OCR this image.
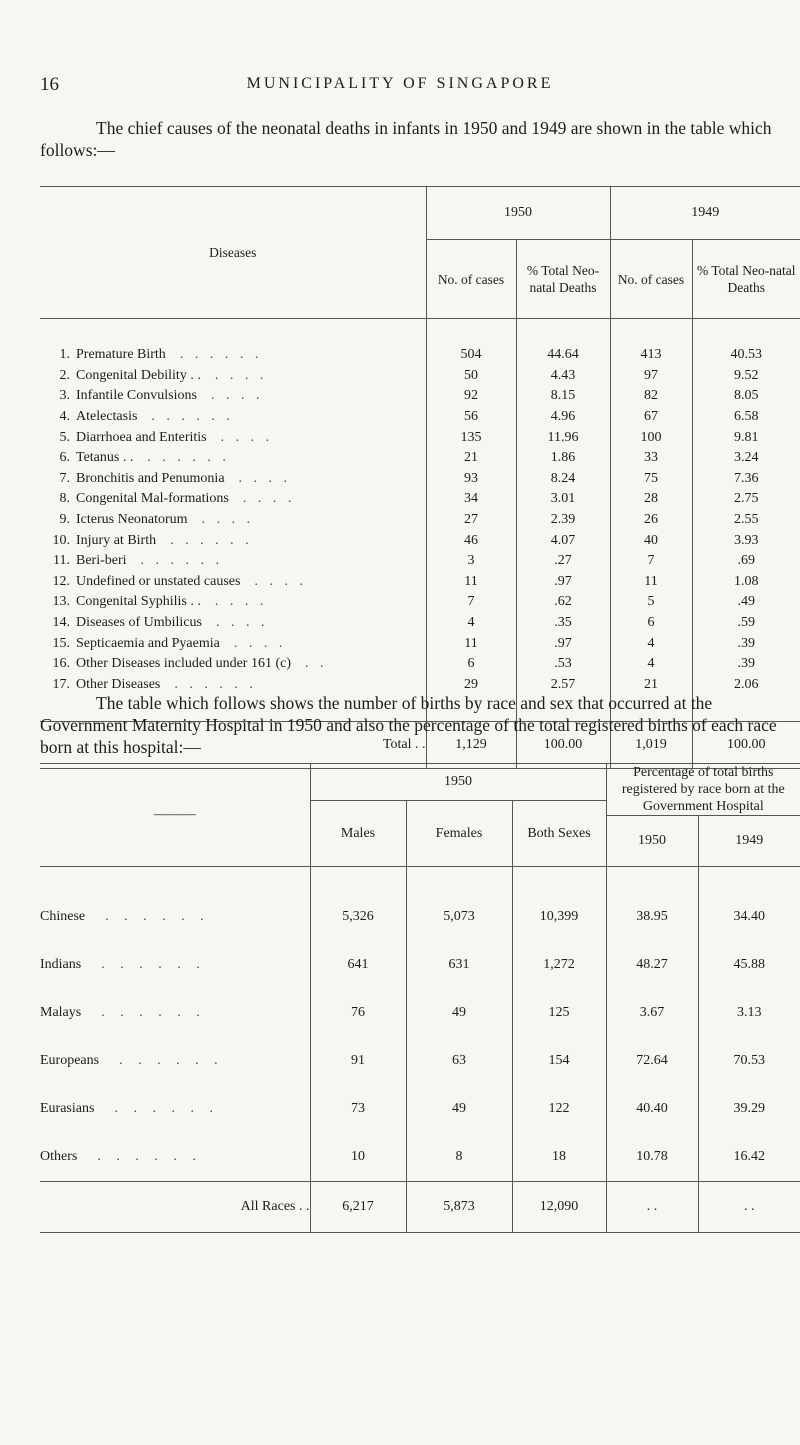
16	MUNICIPALITY OF SINGAPORE

The chief causes of the neonatal deaths in infants in 1950 and 1949 are shown in the table which follows:—

Diseases	1950		1949	
	No. of cases	% Total Neo-natal Deaths	No. of cases	% Total Neo-natal Deaths

1. Premature Birth . . . . . .	504	44.64	413	40.53
2. Congenital Debility . . . . . .	50	4.43	97	9.52
3. Infantile Convulsions . . . .	92	8.15	82	8.05
4. Atelectasis . . . . . .	56	4.96	67	6.58
5. Diarrhoea and Enteritis . . . .	135	11.96	100	9.81
6. Tetanus . . . . . . . .	21	1.86	33	3.24
7. Bronchitis and Penumonia . . . .	93	8.24	75	7.36
8. Congenital Mal-formations . . . .	34	3.01	28	2.75
9. Icterus Neonatorum . . . .	27	2.39	26	2.55
10. Injury at Birth . . . . . .	46	4.07	40	3.93
11. Beri-beri . . . . . .	3	.27	7	.69
12. Undefined or unstated causes . . . .	11	.97	11	1.08
13. Congenital Syphilis . . . . . .	7	.62	5	.49
14. Diseases of Umbilicus . . . .	4	.35	6	.59
15. Septicaemia and Pyaemia . . . .	11	.97	4	.39
16. Other Diseases included under 161 (c) . .	6	.53	4	.39
17. Other Diseases . . . . . .	29	2.57	21	2.06

Total . .	1,129	100.00	1,019	100.00

The table which follows shows the number of births by race and sex that occurred at the Government Maternity Hospital in 1950 and also the percentage of the total registered births of each race born at this hospital:—

———	1950			Percentage of total births registered by race born at the Government Hospital	
	Males	Females	Both Sexes		
				1950	1949

Chinese . . . . . .	5,326	5,073	10,399	38.95	34.40
Indians . . . . . .	641	631	1,272	48.27	45.88
Malays . . . . . .	76	49	125	3.67	3.13
Europeans . . . . . .	91	63	154	72.64	70.53
Eurasians . . . . . .	73	49	122	40.40	39.29
Others . . . . . .	10	8	18	10.78	16.42
All Races . .	6,217	5,873	12,090	. .	. .
